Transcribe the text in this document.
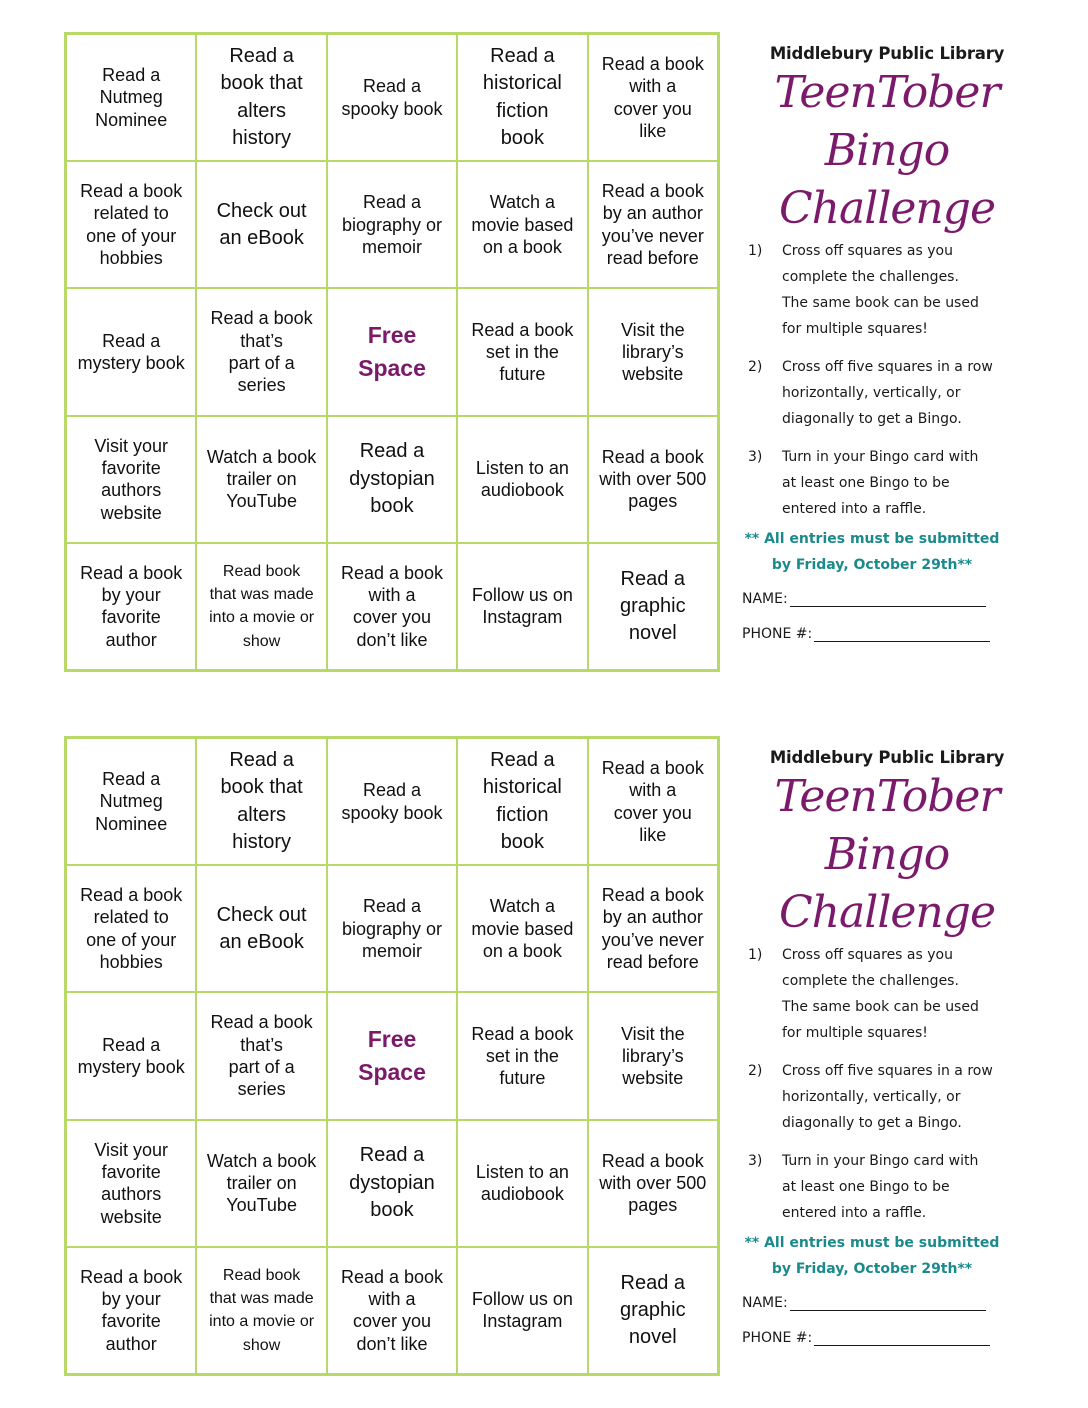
Read a
Nutmeg
Nominee
Read a
book that
alters
history
Read a
spooky book
Read a
historical
fiction
book
Read a book
with a
cover you
like
Read a book
related to
one of your
hobbies
Check out
an eBook
Read a
biography or
memoir
Watch a
movie based
on a book
Read a book
by an author
you’ve never
read before
Read a
mystery book
Read a book
that’s
part of a
series
Free
Space
Read a book
set in the
future
Visit the
library’s
website
Visit your
favorite
authors
website
Watch a book
trailer on
YouTube
Read a
dystopian
book
Listen to an
audiobook
Read a book
with over 500
pages
Read a book
by your
favorite
author
Read book
that was made
into a movie or
show
Read a book
with a
cover you
don’t like
Follow us on
Instagram
Read a
graphic
novel
Middlebury Public Library
TeenTober
Bingo
Challenge
1) Cross off squares as you
complete the challenges.
The same book can be used
for multiple squares!
2) Cross off five squares in a row
horizontally, vertically, or
diagonally to get a Bingo.
3) Turn in your Bingo card with
at least one Bingo to be
entered into a raffle.
** All entries must be submitted
by Friday, October 29th**
NAME:
PHONE #:
Read a
Nutmeg
Nominee
Read a
book that
alters
history
Read a
spooky book
Read a
historical
fiction
book
Read a book
with a
cover you
like
Read a book
related to
one of your
hobbies
Check out
an eBook
Read a
biography or
memoir
Watch a
movie based
on a book
Read a book
by an author
you’ve never
read before
Read a
mystery book
Read a book
that’s
part of a
series
Free
Space
Read a book
set in the
future
Visit the
library’s
website
Visit your
favorite
authors
website
Watch a book
trailer on
YouTube
Read a
dystopian
book
Listen to an
audiobook
Read a book
with over 500
pages
Read a book
by your
favorite
author
Read book
that was made
into a movie or
show
Read a book
with a
cover you
don’t like
Follow us on
Instagram
Read a
graphic
novel
Middlebury Public Library
TeenTober
Bingo
Challenge
1) Cross off squares as you
complete the challenges.
The same book can be used
for multiple squares!
2) Cross off five squares in a row
horizontally, vertically, or
diagonally to get a Bingo.
3) Turn in your Bingo card with
at least one Bingo to be
entered into a raffle.
** All entries must be submitted
by Friday, October 29th**
NAME:
PHONE #:
